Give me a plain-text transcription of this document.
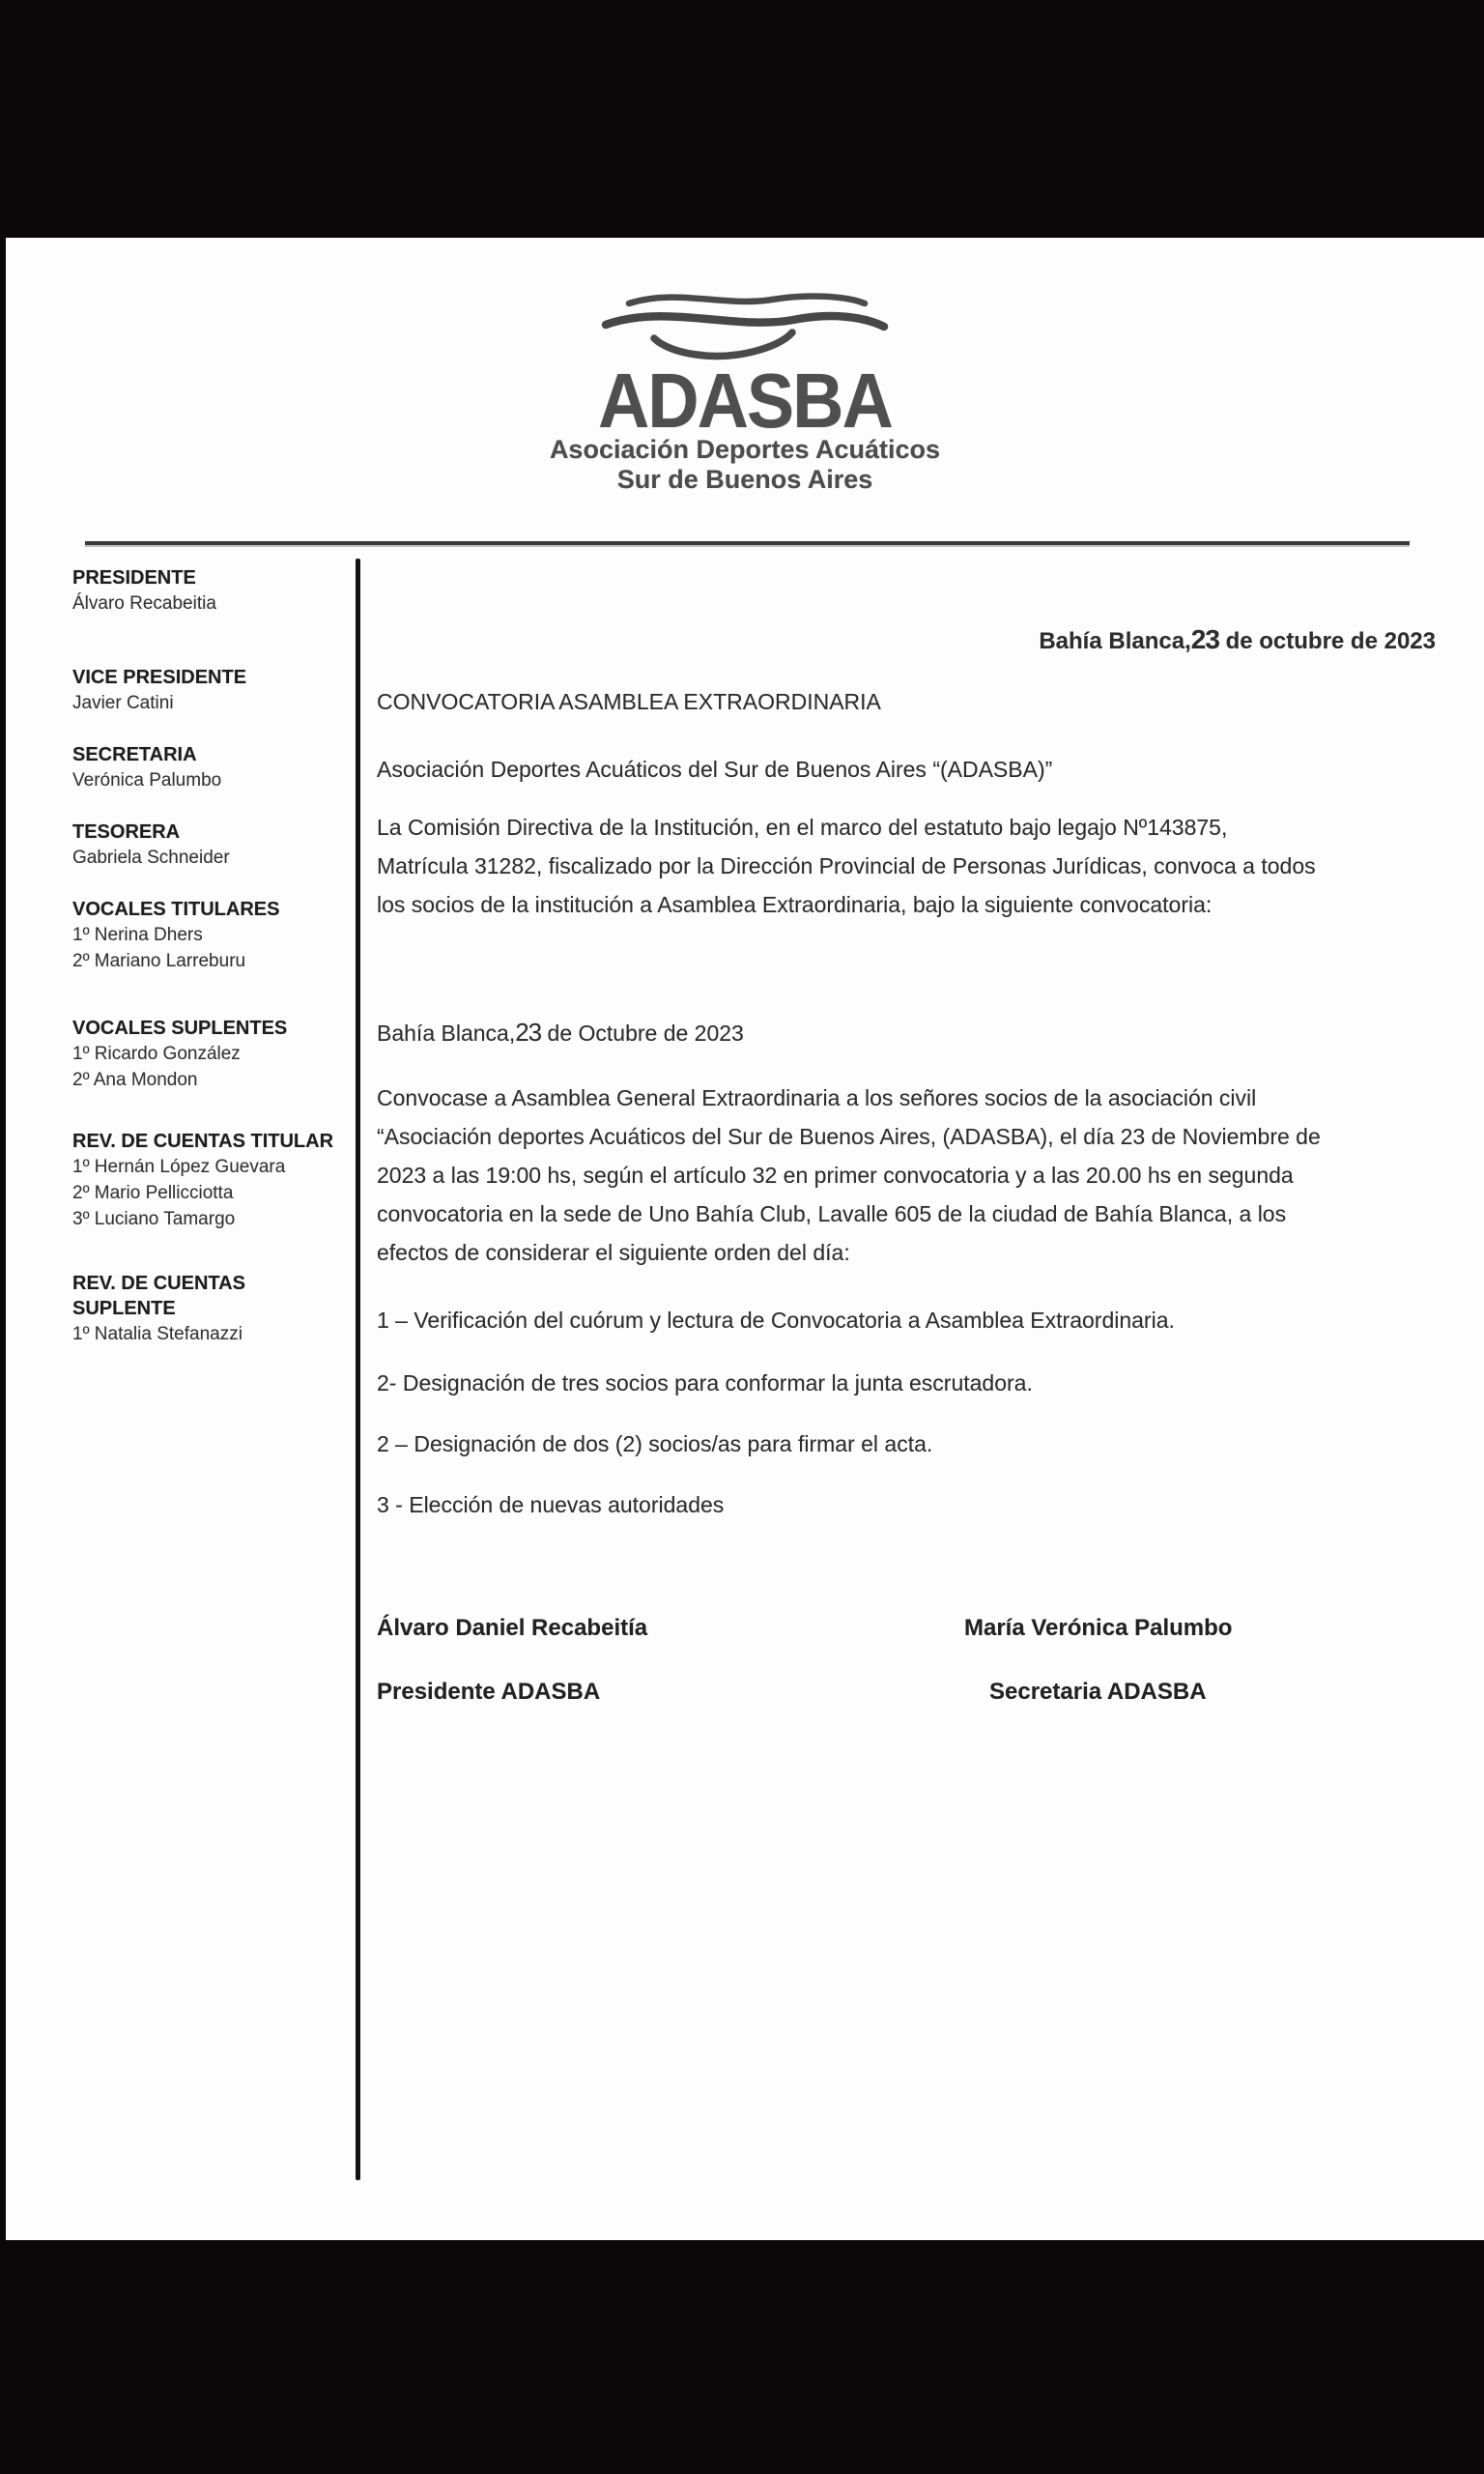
ADASBA
Asociación Deportes Acuáticos
Sur de Buenos Aires
PRESIDENTE
Álvaro Recabeitia
VICE PRESIDENTE
Javier Catini
SECRETARIA
Verónica Palumbo
TESORERA
Gabriela Schneider
VOCALES TITULARES
1º Nerina Dhers
2º Mariano Larreburu
VOCALES SUPLENTES
1º Ricardo González
2º Ana Mondon
REV. DE CUENTAS TITULAR
1º Hernán López Guevara
2º Mario Pellicciotta
3º Luciano Tamargo
REV. DE CUENTAS SUPLENTE
1º Natalia Stefanazzi
Bahía Blanca,23 de octubre de 2023
CONVOCATORIA ASAMBLEA EXTRAORDINARIA
Asociación Deportes Acuáticos del Sur de Buenos Aires “(ADASBA)”
La Comisión Directiva de la Institución, en el marco del estatuto bajo legajo Nº143875,
Matrícula 31282, fiscalizado por la Dirección Provincial de Personas Jurídicas, convoca a todos
los socios de la institución a Asamblea Extraordinaria, bajo la siguiente convocatoria:
Bahía Blanca,23 de Octubre de 2023
Convocase a Asamblea General Extraordinaria a los señores socios de la asociación civil
“Asociación deportes Acuáticos del Sur de Buenos Aires, (ADASBA), el día 23 de Noviembre de
2023 a las 19:00 hs, según el artículo 32 en primer convocatoria y a las 20.00 hs en segunda
convocatoria en la sede de Uno Bahía Club, Lavalle 605 de la ciudad de Bahía Blanca, a los
efectos de considerar el siguiente orden del día:
1 – Verificación del cuórum y lectura de Convocatoria a Asamblea Extraordinaria.
2- Designación de tres socios para conformar la junta escrutadora.
2 – Designación de dos (2) socios/as para firmar el acta.
3 - Elección de nuevas autoridades
Álvaro Daniel Recabeitía	María Verónica Palumbo
Presidente ADASBA	Secretaria ADASBA
